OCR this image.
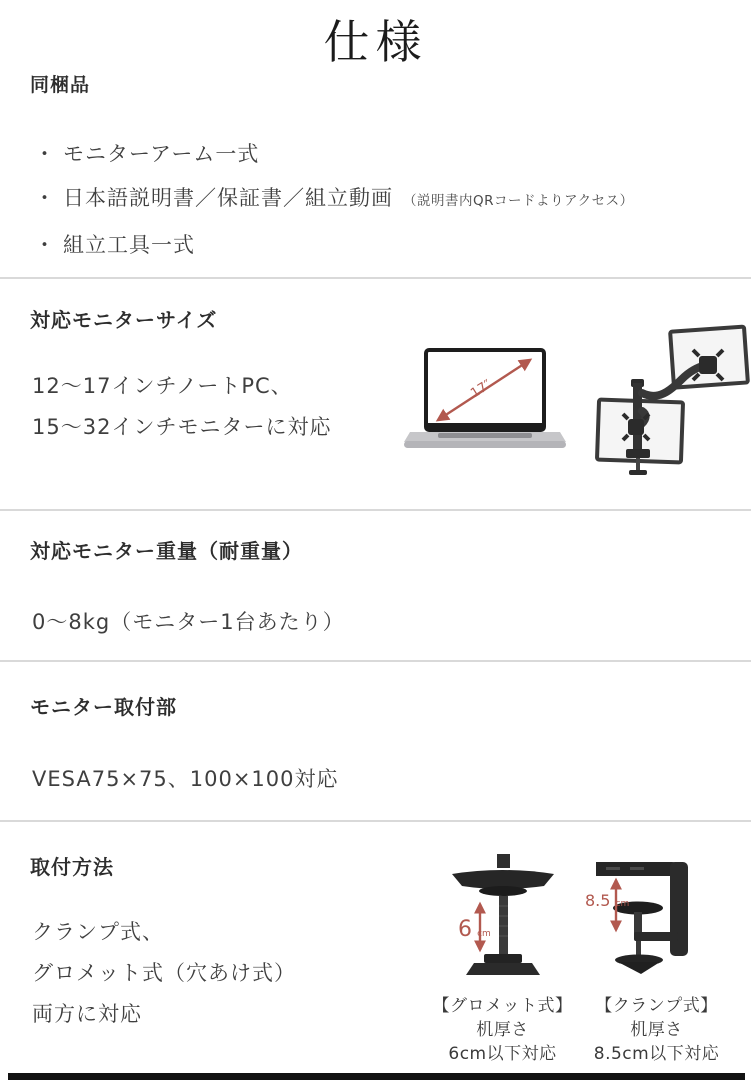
仕様
同梱品
・ モニターアーム一式
・ 日本語説明書／保証書／組立動画 （説明書内QRコードよりアクセス）
・ 組立工具一式
対応モニターサイズ
12〜17インチノートPC、
15〜32インチモニターに対応
17″
対応モニター重量（耐重量）
0〜8kg（モニター1台あたり）
モニター取付部
VESA75×75、100×100対応
取付方法
クランプ式、
グロメット式（穴あけ式）
両方に対応
6 cm
8.5 cm
【グロメット式】
机厚さ
6cm以下対応
【クランプ式】
机厚さ
8.5cm以下対応
